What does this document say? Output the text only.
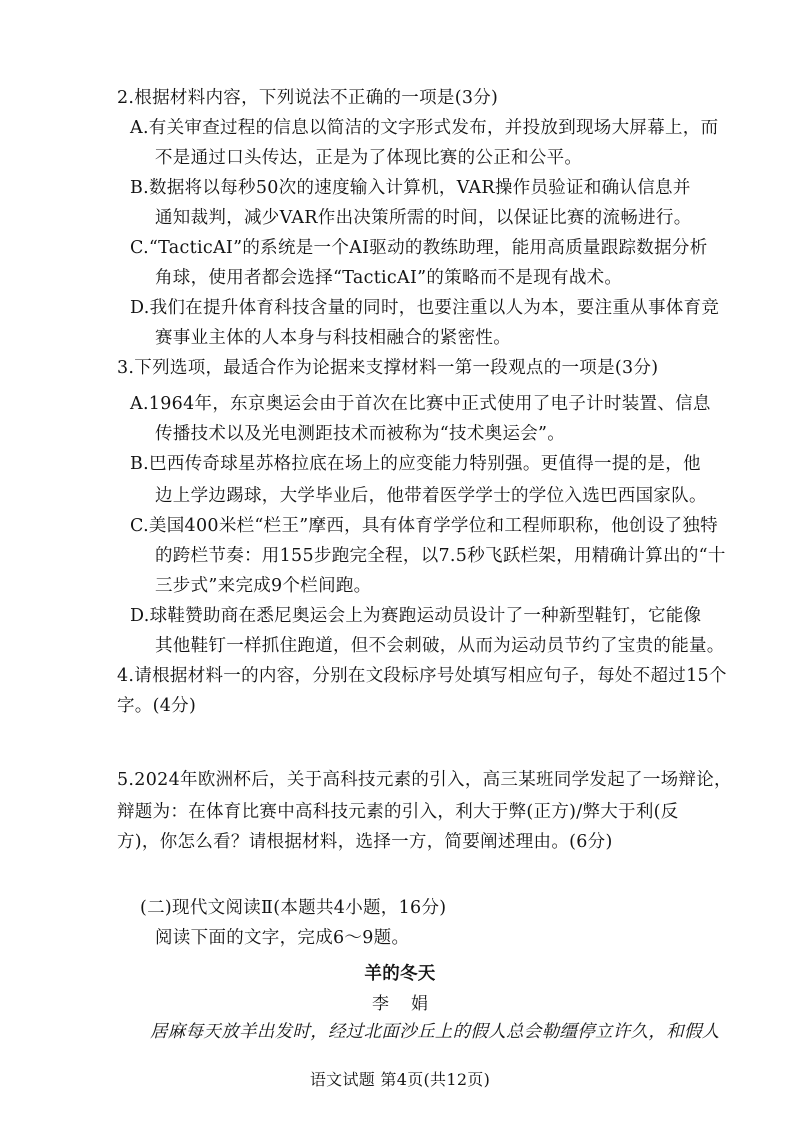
2.根据材料内容，下列说法不正确的一项是(3分)

A.有关审查过程的信息以简洁的文字形式发布，并投放到现场大屏幕上，而

不是通过口头传达，正是为了体现比赛的公正和公平。

B.数据将以每秒50次的速度输入计算机，VAR操作员验证和确认信息并

通知裁判，减少VAR作出决策所需的时间，以保证比赛的流畅进行。

C.“TacticAI”的系统是一个AI驱动的教练助理，能用高质量跟踪数据分析

角球，使用者都会选择“TacticAI”的策略而不是现有战术。

D.我们在提升体育科技含量的同时，也要注重以人为本，要注重从事体育竞

赛事业主体的人本身与科技相融合的紧密性。

3.下列选项，最适合作为论据来支撑材料一第一段观点的一项是(3分)

A.1964年，东京奥运会由于首次在比赛中正式使用了电子计时装置、信息

传播技术以及光电测距技术而被称为“技术奥运会”。

B.巴西传奇球星苏格拉底在场上的应变能力特别强。更值得一提的是，他

边上学边踢球，大学毕业后，他带着医学学士的学位入选巴西国家队。

C.美国400米栏“栏王”摩西，具有体育学学位和工程师职称，他创设了独特

的跨栏节奏：用155步跑完全程，以7.5秒飞跃栏架，用精确计算出的“十

三步式”来完成9个栏间跑。

D.球鞋赞助商在悉尼奥运会上为赛跑运动员设计了一种新型鞋钉，它能像

其他鞋钉一样抓住跑道，但不会刺破，从而为运动员节约了宝贵的能量。

4.请根据材料一的内容，分别在文段标序号处填写相应句子，每处不超过15个

字。(4分)

5.2024年欧洲杯后，关于高科技元素的引入，高三某班同学发起了一场辩论，

辩题为：在体育比赛中高科技元素的引入，利大于弊(正方)/弊大于利(反

方)，你怎么看？请根据材料，选择一方，简要阐述理由。(6分)

(二)现代文阅读Ⅱ(本题共4小题，16分)

阅读下面的文字，完成6～9题。

羊的冬天

李娟

居麻每天放羊出发时，经过北面沙丘上的假人总会勒缰停立许久，和假人

语文试题 第4页(共12页)
